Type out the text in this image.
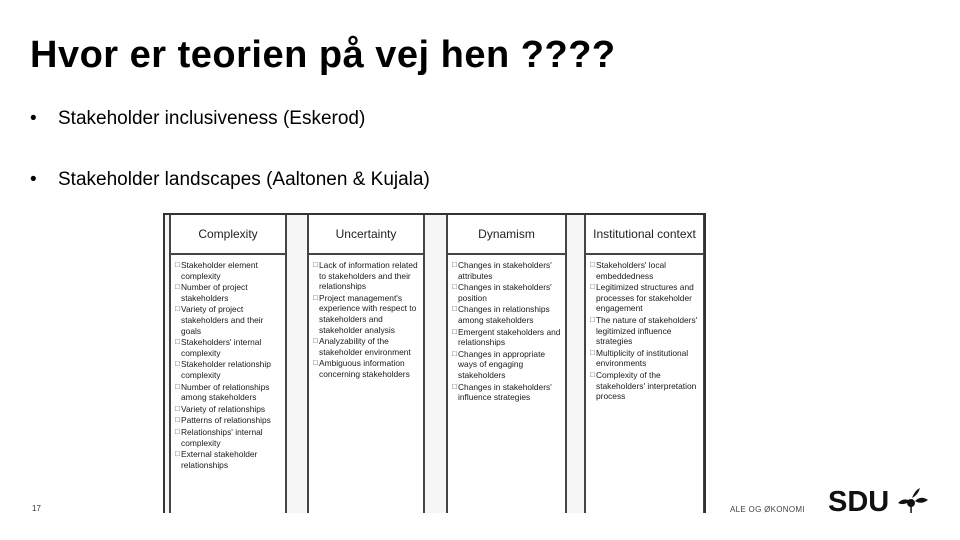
Hvor er teorien på vej hen ????
• Stakeholder inclusiveness (Eskerod)
• Stakeholder landscapes (Aaltonen & Kujala)
Complexity
□ Stakeholder element complexity
□ Number of project stakeholders
□ Variety of project stakeholders and their goals
□ Stakeholders' internal complexity
□ Stakeholder relationship complexity
□ Number of relationships among stakeholders
□ Variety of relationships
□ Patterns of relationships
□ Relationships' internal complexity
□ External stakeholder relationships
Uncertainty
□ Lack of information related to stakeholders and their relationships
□ Project management's experience with respect to stakeholders and stakeholder analysis
□ Analyzability of the stakeholder environment
□ Ambiguous information concerning stakeholders
Dynamism
□ Changes in stakeholders' attributes
□ Changes in stakeholders' position
□ Changes in relationships among stakeholders
□ Emergent stakeholders and relationships
□ Changes in appropriate ways of engaging stakeholders
□ Changes in stakeholders' influence strategies
Institutional context
□ Stakeholders' local embeddedness
□ Legitimized structures and processes for stakeholder engagement
□ The nature of stakeholders' legitimized influence strategies
□ Multiplicity of institutional environments
□ Complexity of the stakeholders' interpretation process
17	ALE OG ØKONOMI SDU
